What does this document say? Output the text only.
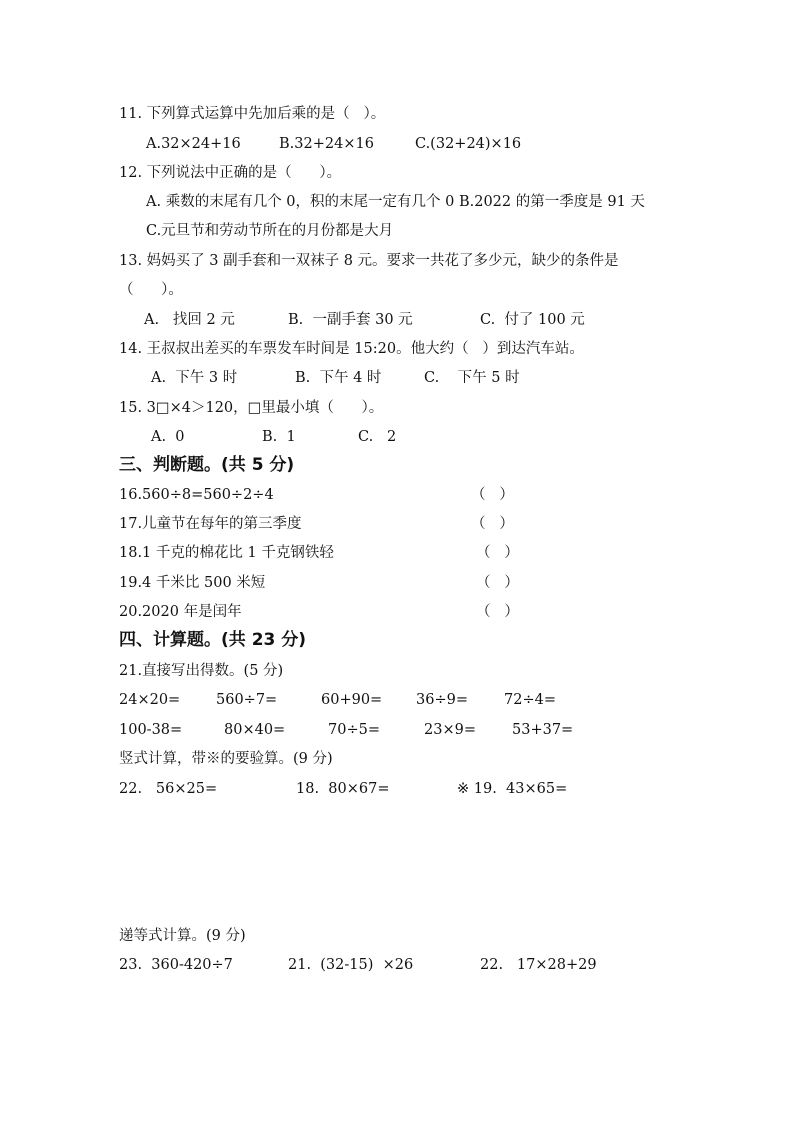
11. 下列算式运算中先加后乘的是（   ）。
A.32×24+16	B.32+24×16	C.(32+24)×16
12. 下列说法中正确的是（      ）。
A. 乘数的末尾有几个 0，积的末尾一定有几个 0 B.2022 的第一季度是 91 天
C.元旦节和劳动节所在的月份都是大月
13. 妈妈买了 3 副手套和一双袜子 8 元。要求一共花了多少元，缺少的条件是
（      ）。
A.   找回 2 元	B.  一副手套 30 元	C.  付了 100 元
14. 王叔叔出差买的车票发车时间是 15:20。他大约（   ）到达汽车站。
A.  下午 3 时	B.  下午 4 时	C.    下午 5 时
15. 3□×4＞120，□里最小填（      ）。
A.  0	B.  1	C.   2
三、判断题。(共 5 分)
16.560÷8=560÷2÷4	（   ）
17.儿童节在每年的第三季度	（   ）
18.1 千克的棉花比 1 千克钢铁轻	（   ）
19.4 千米比 500 米短	（   ）
20.2020 年是闰年	（   ）
四、计算题。(共 23 分)
21.直接写出得数。(5 分)
24×20= 560÷7=	60+90= 36÷9= 72÷4=
100-38=	80×40=	70÷5=	23×9= 53+37=
竖式计算，带※的要验算。(9 分)
22.   56×25=	18.  80×67=	※ 19.  43×65=
递等式计算。(9 分)
23.  360-420÷7	21.  (32-15)  ×26	22.   17×28+29
